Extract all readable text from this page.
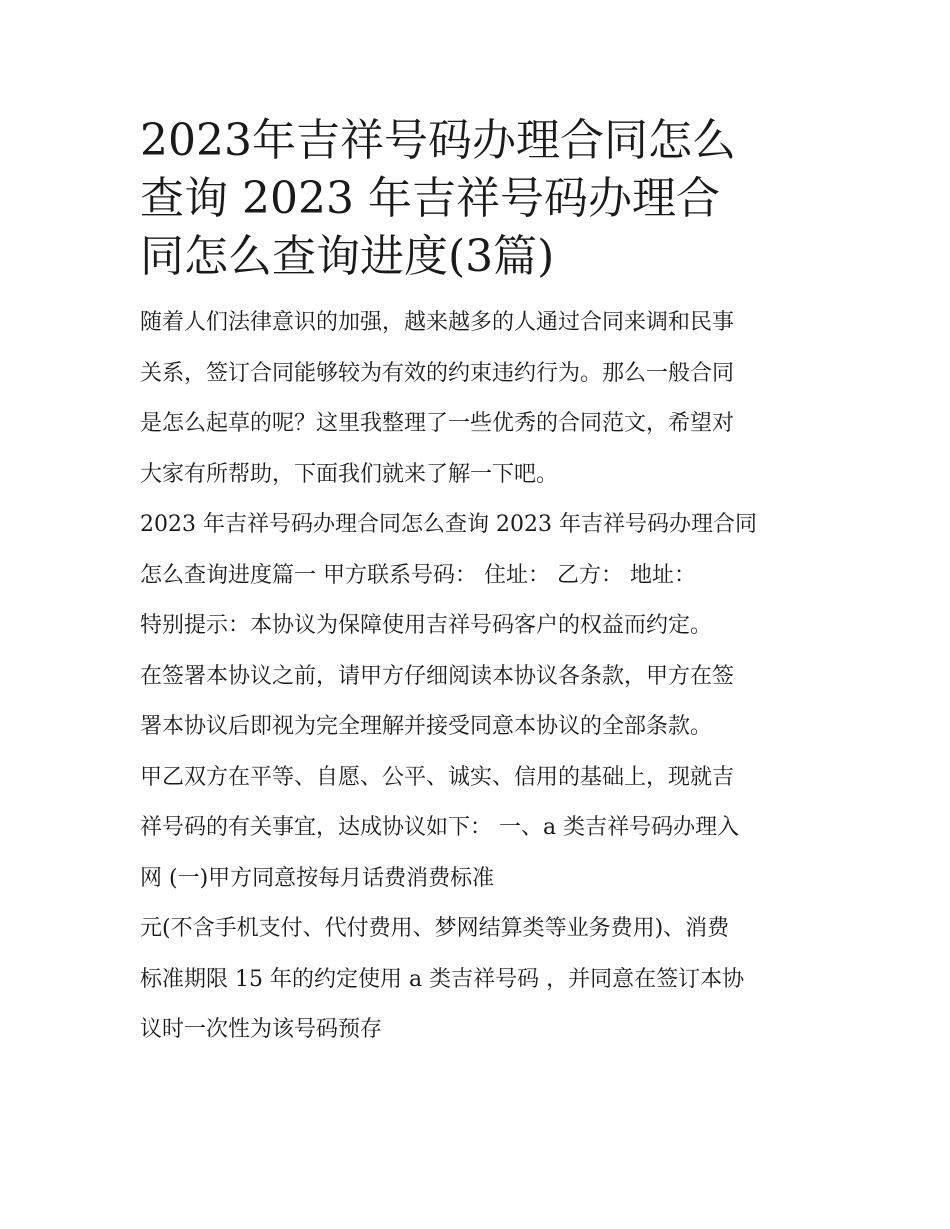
2023年吉祥号码办理合同怎么
查询 2023 年吉祥号码办理合
同怎么查询进度(3篇)

随着人们法律意识的加强，越来越多的人通过合同来调和民事
关系，签订合同能够较为有效的约束违约行为。那么一般合同
是怎么起草的呢？这里我整理了一些优秀的合同范文，希望对
大家有所帮助，下面我们就来了解一下吧。

2023 年吉祥号码办理合同怎么查询 2023 年吉祥号码办理合同
怎么查询进度篇一 甲方联系号码： 住址： 乙方： 地址：
特别提示：本协议为保障使用吉祥号码客户的权益而约定。

在签署本协议之前，请甲方仔细阅读本协议各条款，甲方在签
署本协议后即视为完全理解并接受同意本协议的全部条款。

甲乙双方在平等、自愿、公平、诚实、信用的基础上，现就吉
祥号码的有关事宜，达成协议如下： 一、a 类吉祥号码办理入
网 (一)甲方同意按每月话费消费标准

元(不含手机支付、代付费用、梦网结算类等业务费用)、消费
标准期限 15 年的约定使用 a 类吉祥号码 ，并同意在签订本协
议时一次性为该号码预存
